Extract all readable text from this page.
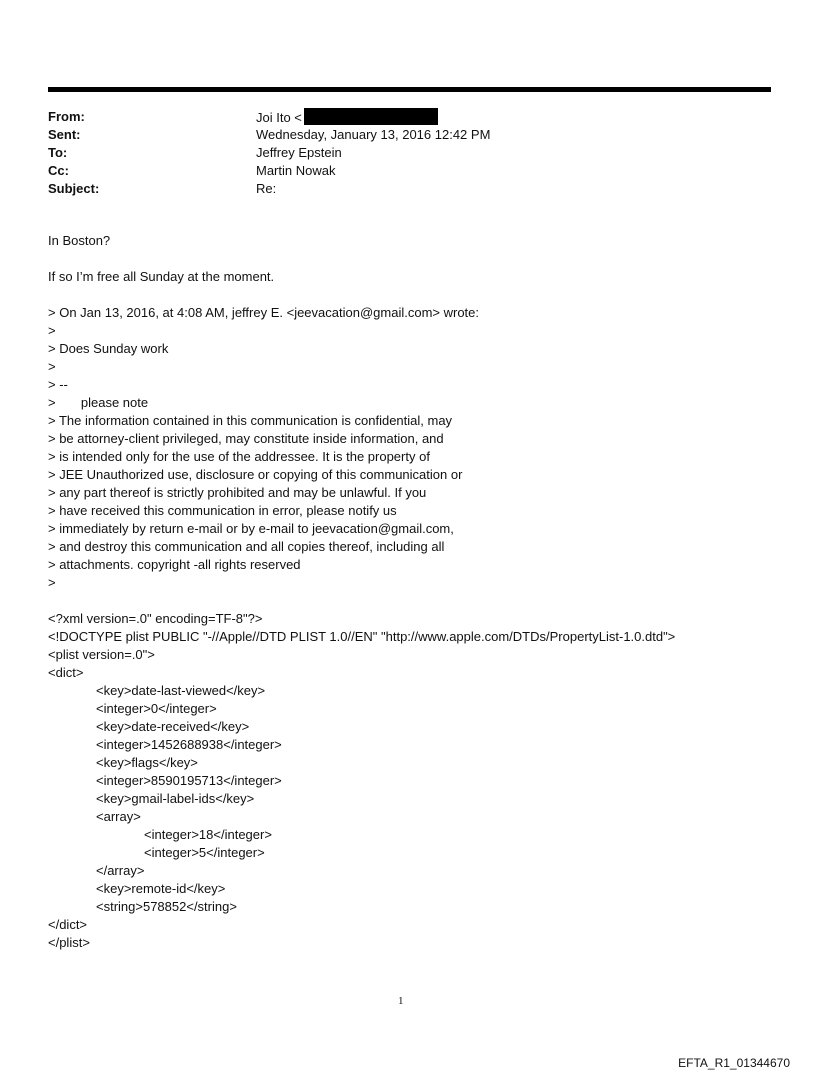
From:	Joi Ito <
Sent:	Wednesday, January 13, 2016 12:42 PM
To:	Jeffrey Epstein
Cc:	Martin Nowak
Subject:	Re:
In Boston?
If so I’m free all Sunday at the moment.
> On Jan 13, 2016, at 4:08 AM, jeffrey E. <jeevacation@gmail.com> wrote:
>
> Does Sunday work
>
> --
>       please note
> The information contained in this communication is confidential, may
> be attorney-client privileged, may constitute inside information, and
> is intended only for the use of the addressee. It is the property of
> JEE Unauthorized use, disclosure or copying of this communication or
> any part thereof is strictly prohibited and may be unlawful. If you
> have received this communication in error, please notify us
> immediately by return e-mail or by e-mail to jeevacation@gmail.com,
> and destroy this communication and all copies thereof, including all
> attachments. copyright -all rights reserved
>
<?xml version=.0" encoding=TF-8"?>
<!DOCTYPE plist PUBLIC "-//Apple//DTD PLIST 1.0//EN" "http://www.apple.com/DTDs/PropertyList-1.0.dtd">
<plist version=.0">
<dict>
<key>date-last-viewed</key>
<integer>0</integer>
<key>date-received</key>
<integer>1452688938</integer>
<key>flags</key>
<integer>8590195713</integer>
<key>gmail-label-ids</key>
<array>
<integer>18</integer>
<integer>5</integer>
</array>
<key>remote-id</key>
<string>578852</string>
</dict>
</plist>
1
EFTA_R1_01344670
